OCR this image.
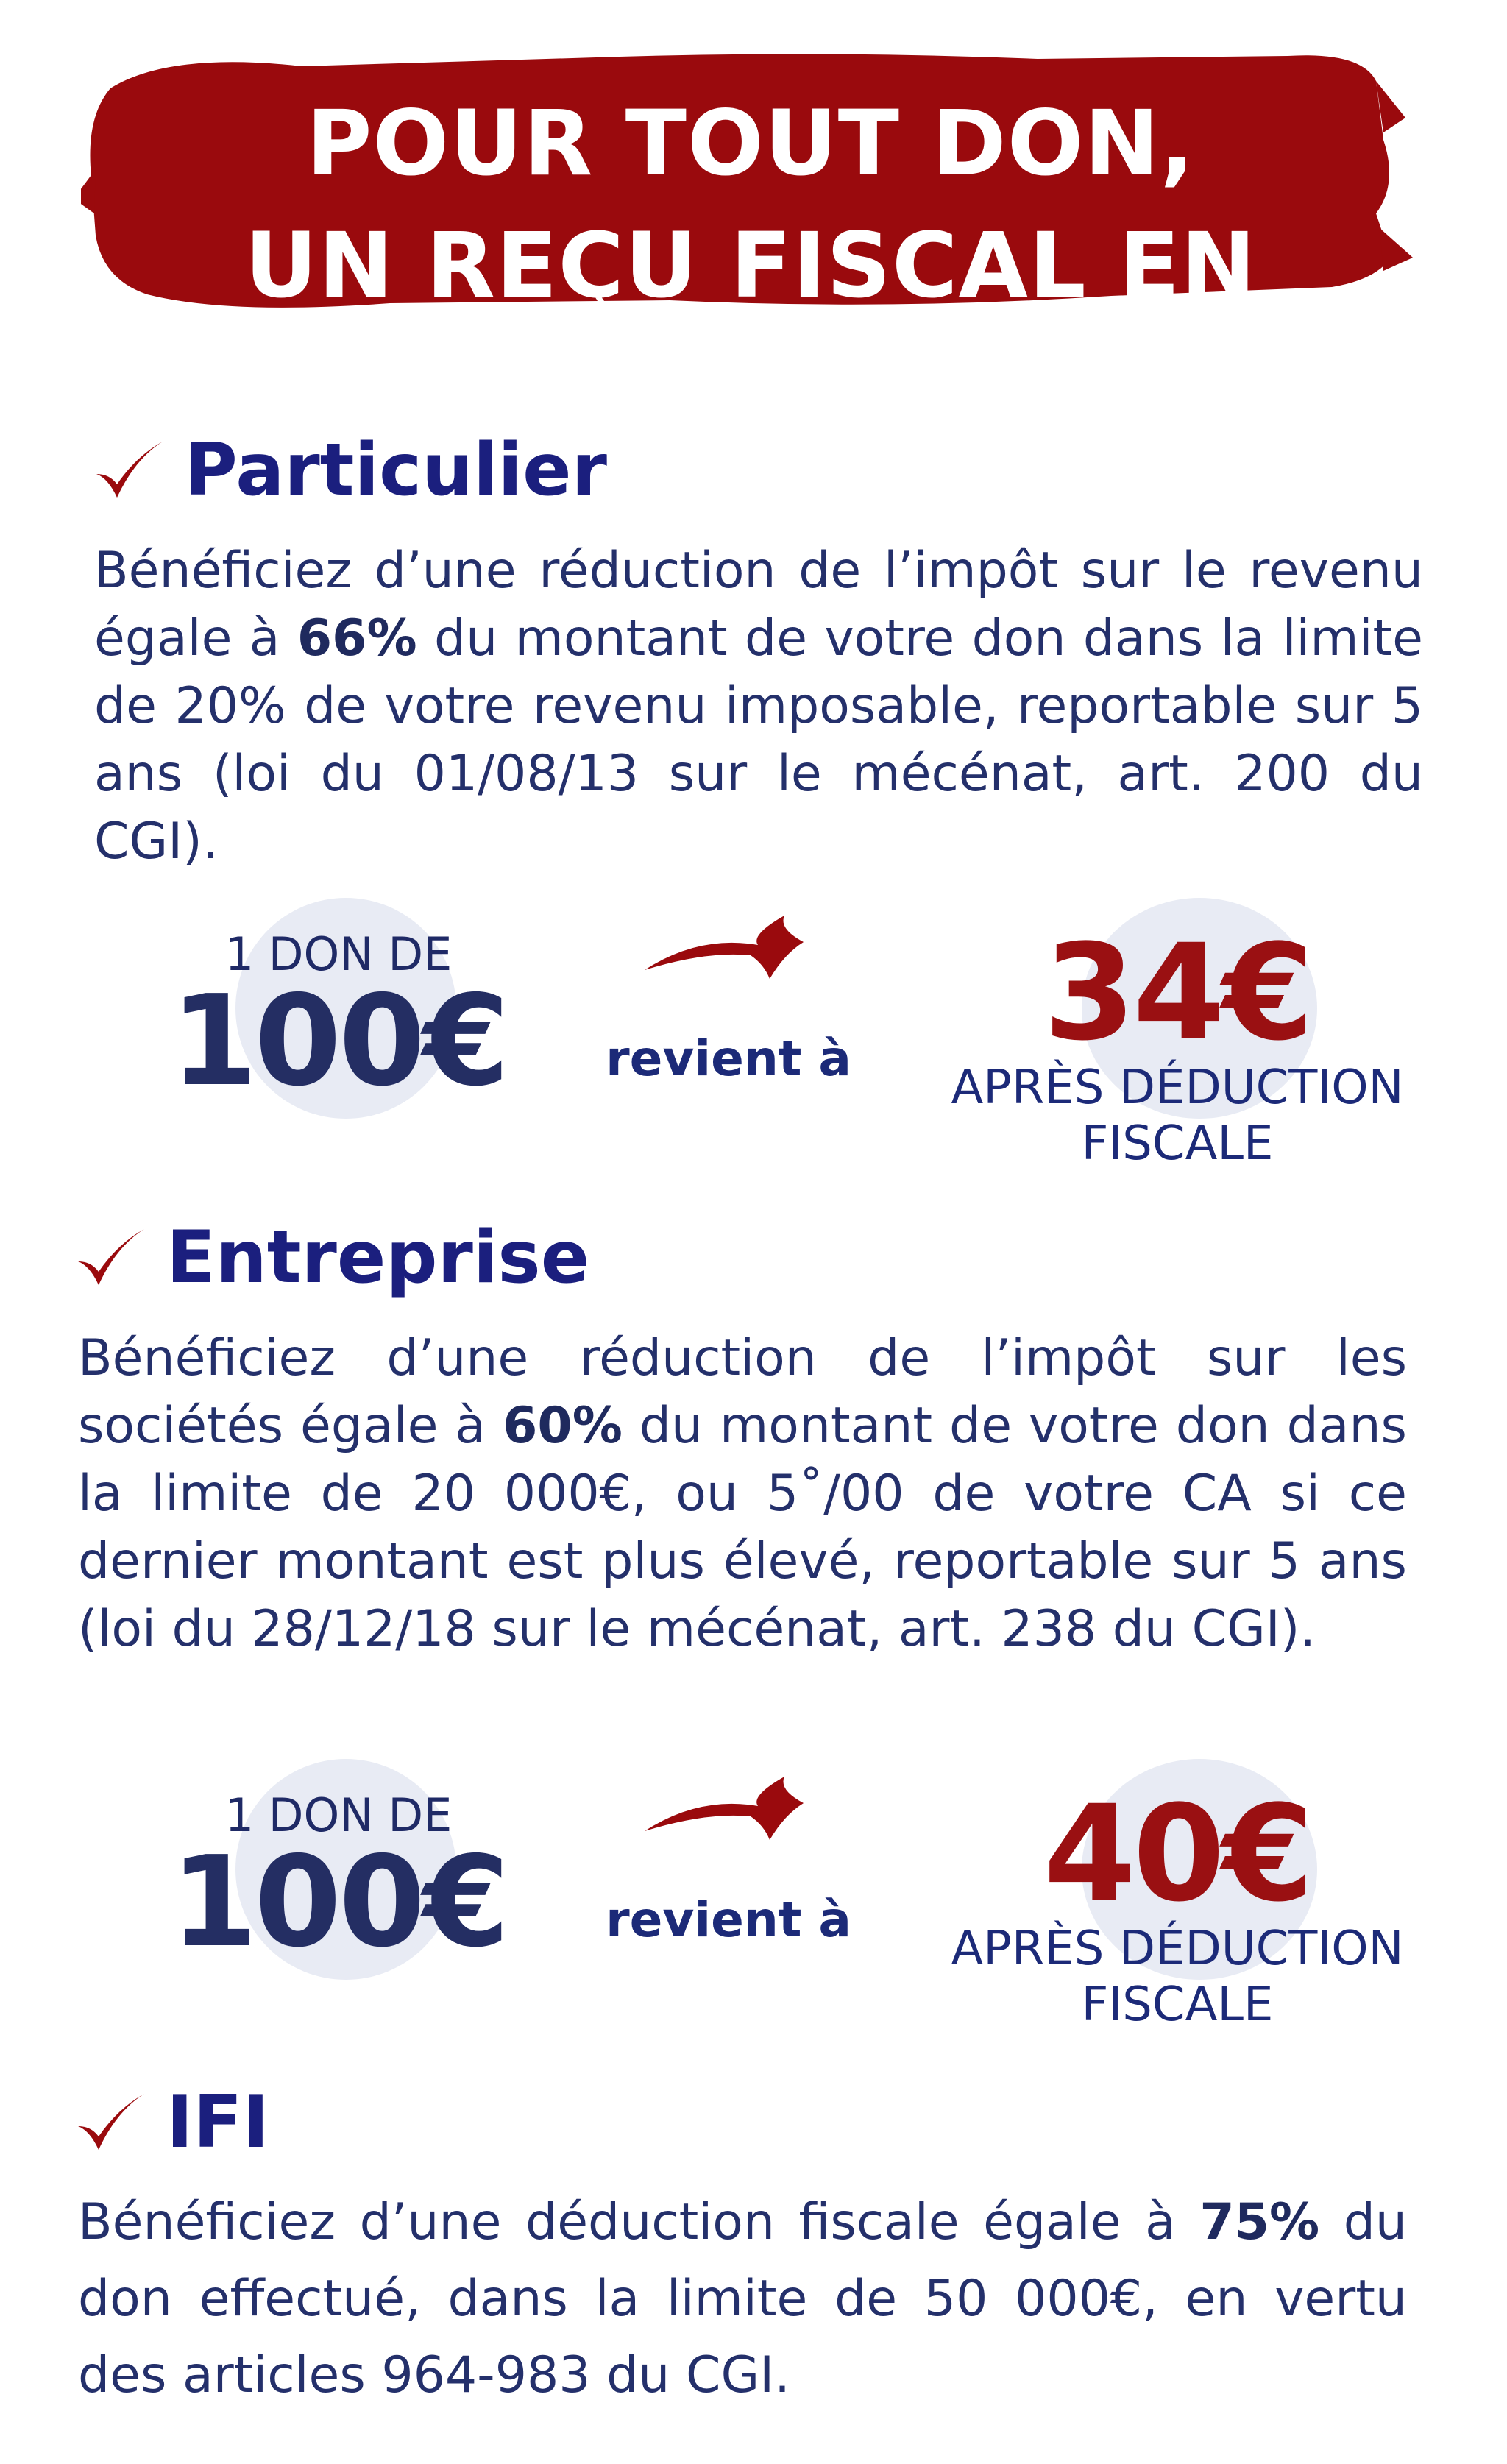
POUR TOUT DON,
UN REÇU FISCAL EN LIGNE
Particulier

Bénéficiez d’une réduction de l’impôt sur le revenu égale à 66% du montant de votre don dans la limite de 20% de votre revenu imposable, reportable sur 5 ans (loi du 01/08/13 sur le mécénat, art. 200 du CGI).

1 DON DE
100€	revient à	34€
APRÈS DÉDUCTION
FISCALE
Entreprise

Bénéficiez d’une réduction de l’impôt sur les sociétés égale à 60% du montant de votre don dans la limite de 20 000€, ou 5˚/00 de votre CA si ce dernier montant est plus élevé, reportable sur 5 ans (loi du 28/12/18 sur le mécénat, art. 238 du CGI).

1 DON DE
100€	revient à	40€
APRÈS DÉDUCTION
FISCALE
IFI

Bénéficiez d’une déduction fiscale égale à 75% du don effectué, dans la limite de 50 000€, en vertu des articles 964-983 du CGI.
